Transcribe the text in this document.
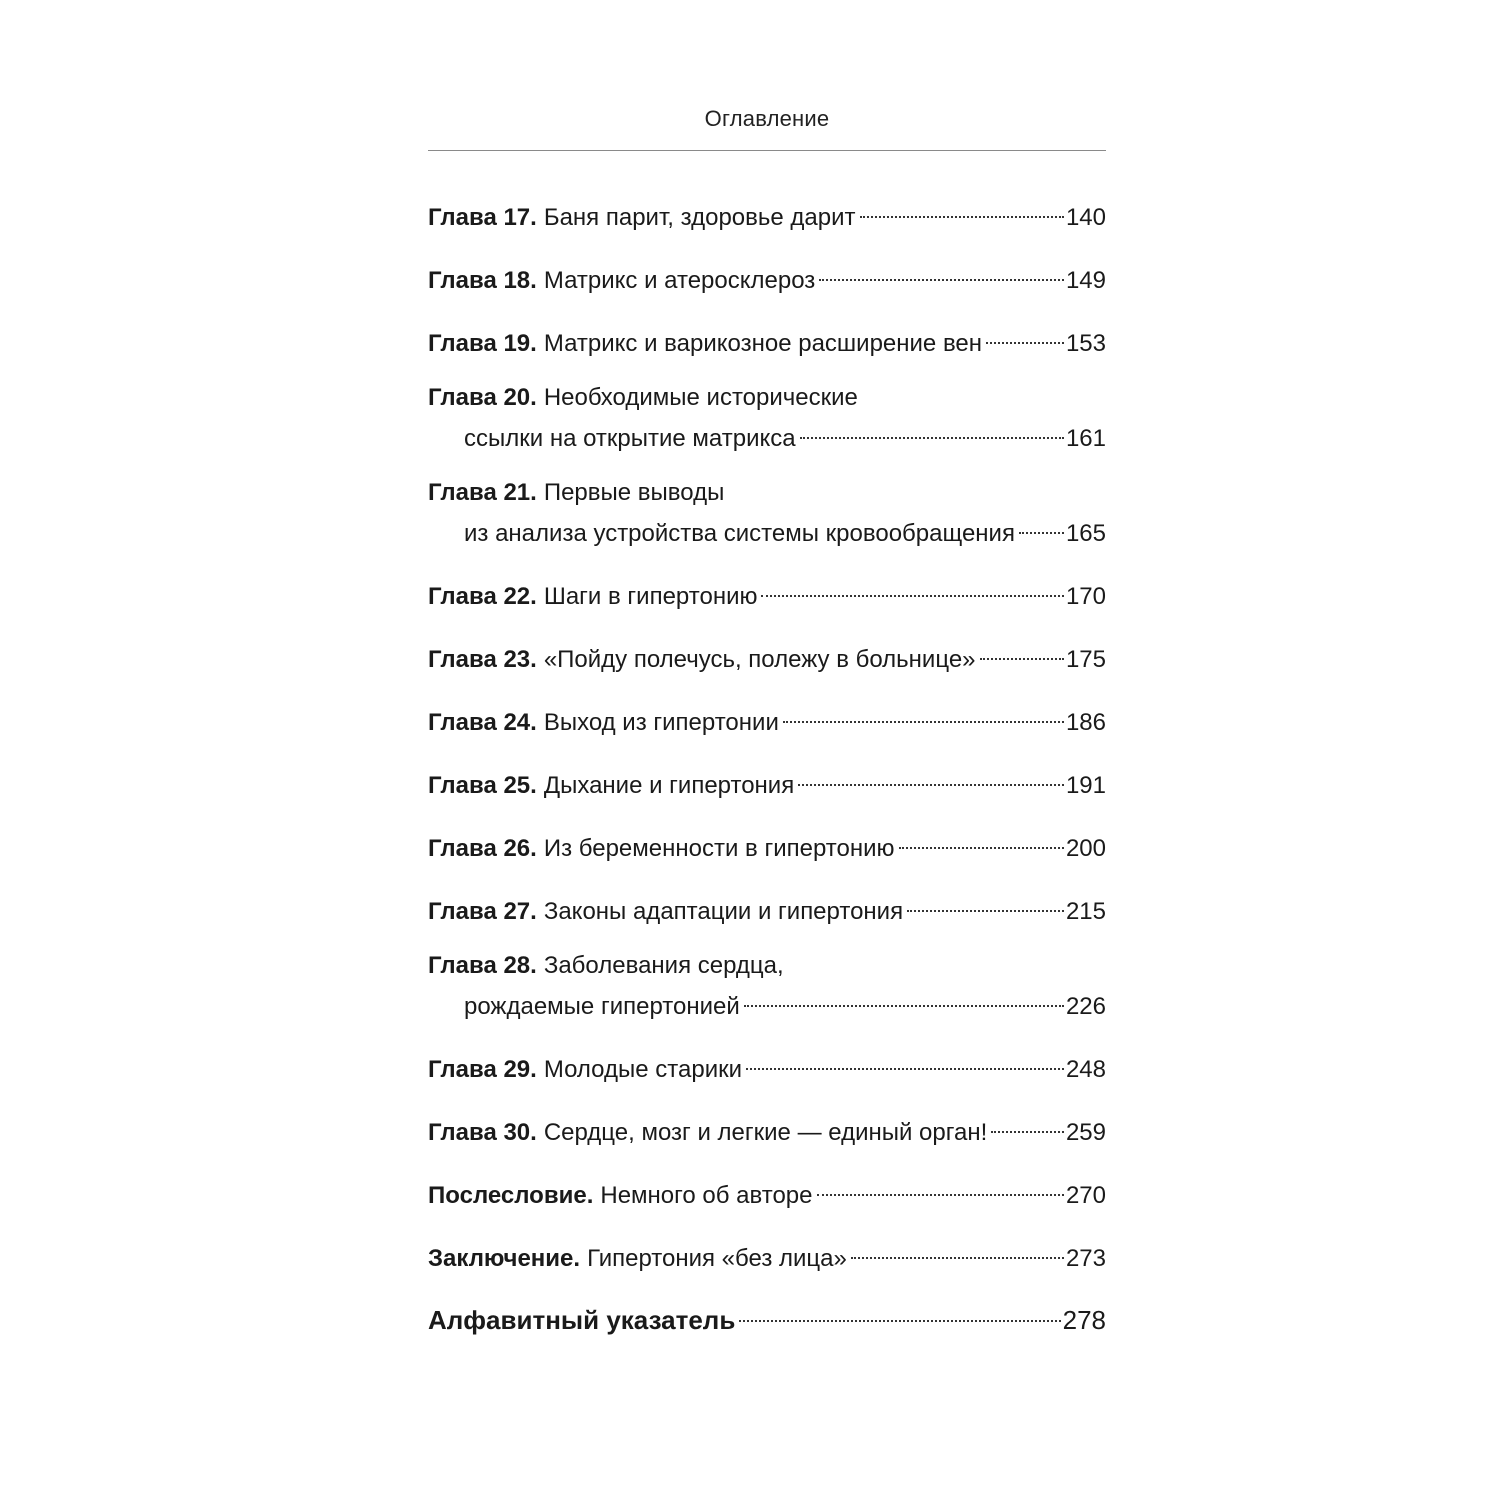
Оглавление
Глава 17. Баня парит, здоровье дарит	140
Глава 18. Матрикс и атеросклероз	149
Глава 19. Матрикс и варикозное расширение вен	153
Глава 20. Необходимые исторические
ссылки на открытие матрикса	161
Глава 21. Первые выводы
из анализа устройства системы кровообращения 165
Глава 22. Шаги в гипертонию	170
Глава 23. «Пойду полечусь, полежу в больнице»	175
Глава 24. Выход из гипертонии	186
Глава 25. Дыхание и гипертония	191
Глава 26. Из беременности в гипертонию	200
Глава 27. Законы адаптации и гипертония	215
Глава 28. Заболевания сердца,
рождаемые гипертонией	226
Глава 29. Молодые старики	248
Глава 30. Сердце, мозг и легкие — единый орган!	259
Послесловие. Немного об авторе	270
Заключение. Гипертония «без лица»	273
Алфавитный указатель	278
